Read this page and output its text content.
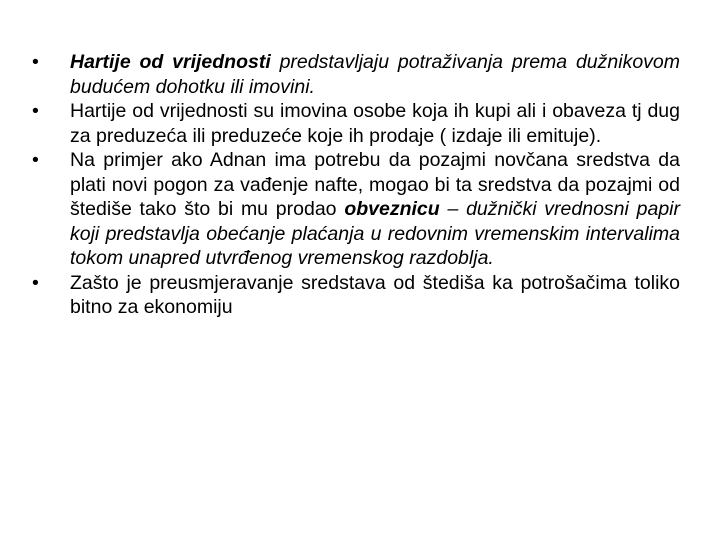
•	Hartije od vrijednosti predstavljaju potraživanja prema dužnikovom budućem dohotku ili imovini.
•	Hartije od vrijednosti su imovina osobe koja ih kupi ali i obaveza tj dug za preduzeća ili preduzeće koje ih prodaje ( izdaje ili emituje).
•	Na primjer ako Adnan ima potrebu da pozajmi novčana sredstva da plati novi pogon za vađenje nafte, mogao bi ta sredstva da pozajmi od štediše tako što bi mu prodao obveznicu – dužnički vrednosni papir koji predstavlja obećanje plaćanja u redovnim vremenskim intervalima tokom unapred utvrđenog vremenskog razdoblja.
•	Zašto je preusmjeravanje sredstava od štediša ka potrošačima toliko bitno za ekonomiju
